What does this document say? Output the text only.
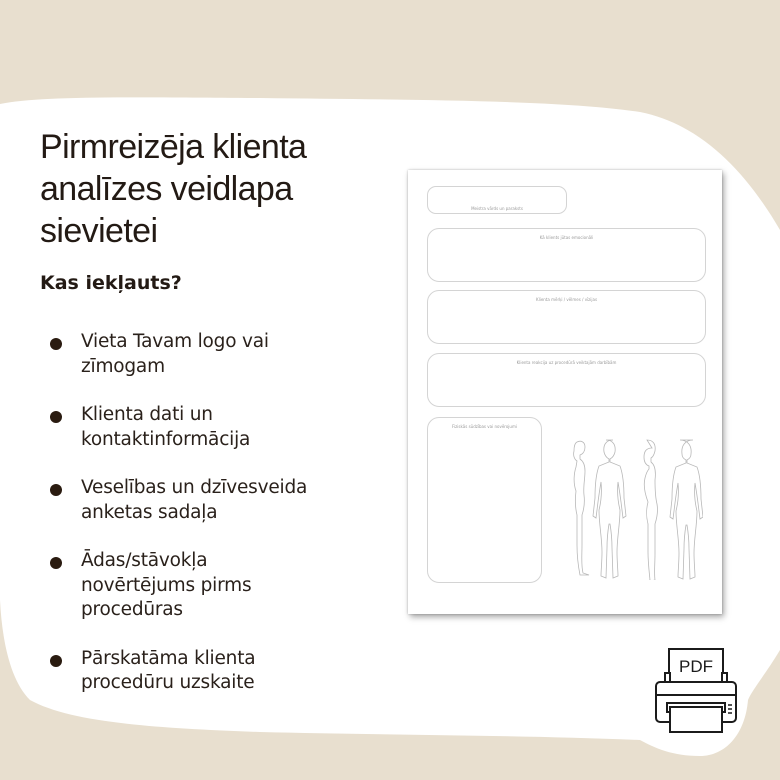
Pirmreizēja klienta
analīzes veidlapa
sievietei
Kas iekļauts?
Vieta Tavam logo vai
zīmogam
Klienta dati un
kontaktinformācija
Veselības un dzīvesveida
anketas sadaļa
Ādas/stāvokļa
novērtējums pirms
procedūras
Pārskatāma klienta
procedūru uzskaite
Meistra vārds un paraksts
Kā klients jūtas emocionāli
Klienta mērķi / vēlmes / vīzijas
Klienta reakcija uz procedūrā veiktajām darbībām
Fiziskās sūdzības vai novērojumi
PDF
